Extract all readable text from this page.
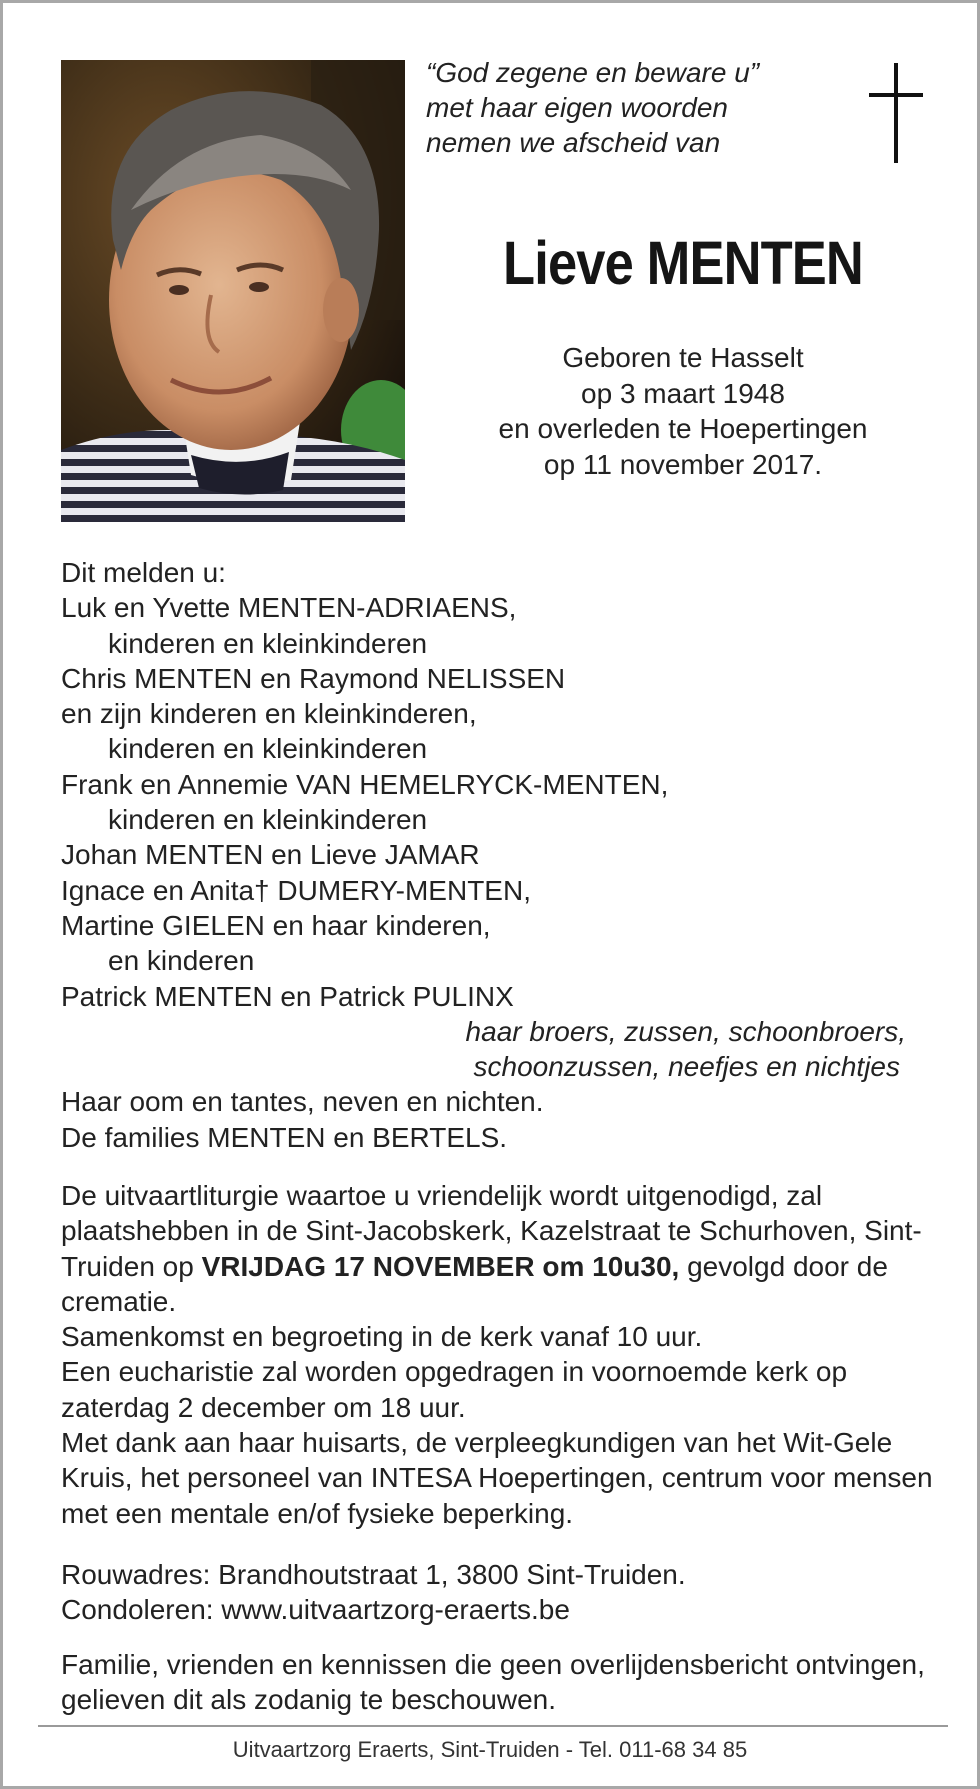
“God zegene en beware u”
met haar eigen woorden
nemen we afscheid van
Lieve MENTEN
Geboren te Hasselt
op 3 maart 1948
en overleden te Hoepertingen
op 11 november 2017.
Dit melden u:
Luk en Yvette MENTEN-ADRIAENS,
kinderen en kleinkinderen
Chris MENTEN en Raymond NELISSEN
en zijn kinderen en kleinkinderen,
kinderen en kleinkinderen
Frank en Annemie VAN HEMELRYCK-MENTEN,
kinderen en kleinkinderen
Johan MENTEN en Lieve JAMAR
Ignace en Anita† DUMERY-MENTEN,
Martine GIELEN en haar kinderen,
en kinderen
Patrick MENTEN en Patrick PULINX
haar broers, zussen, schoonbroers,
schoonzussen, neefjes en nichtjes
Haar oom en tantes, neven en nichten.
De families MENTEN en BERTELS.
De uitvaartliturgie waartoe u vriendelijk wordt uitgenodigd, zal plaatshebben in de Sint-Jacobskerk, Kazelstraat te Schurhoven, Sint-Truiden op VRIJDAG 17 NOVEMBER om 10u30, gevolgd door de crematie.
Samenkomst en begroeting in de kerk vanaf 10 uur.
Een eucharistie zal worden opgedragen in voornoemde kerk op zaterdag 2 december om 18 uur.
Met dank aan haar huisarts, de verpleegkundigen van het Wit-Gele Kruis, het personeel van INTESA Hoepertingen, centrum voor mensen met een mentale en/of fysieke beperking.
Rouwadres: Brandhoutstraat 1, 3800 Sint-Truiden.
Condoleren: www.uitvaartzorg-eraerts.be
Familie, vrienden en kennissen die geen overlijdensbericht ontvingen, gelieven dit als zodanig te beschouwen.
Uitvaartzorg Eraerts, Sint-Truiden - Tel. 011-68 34 85
